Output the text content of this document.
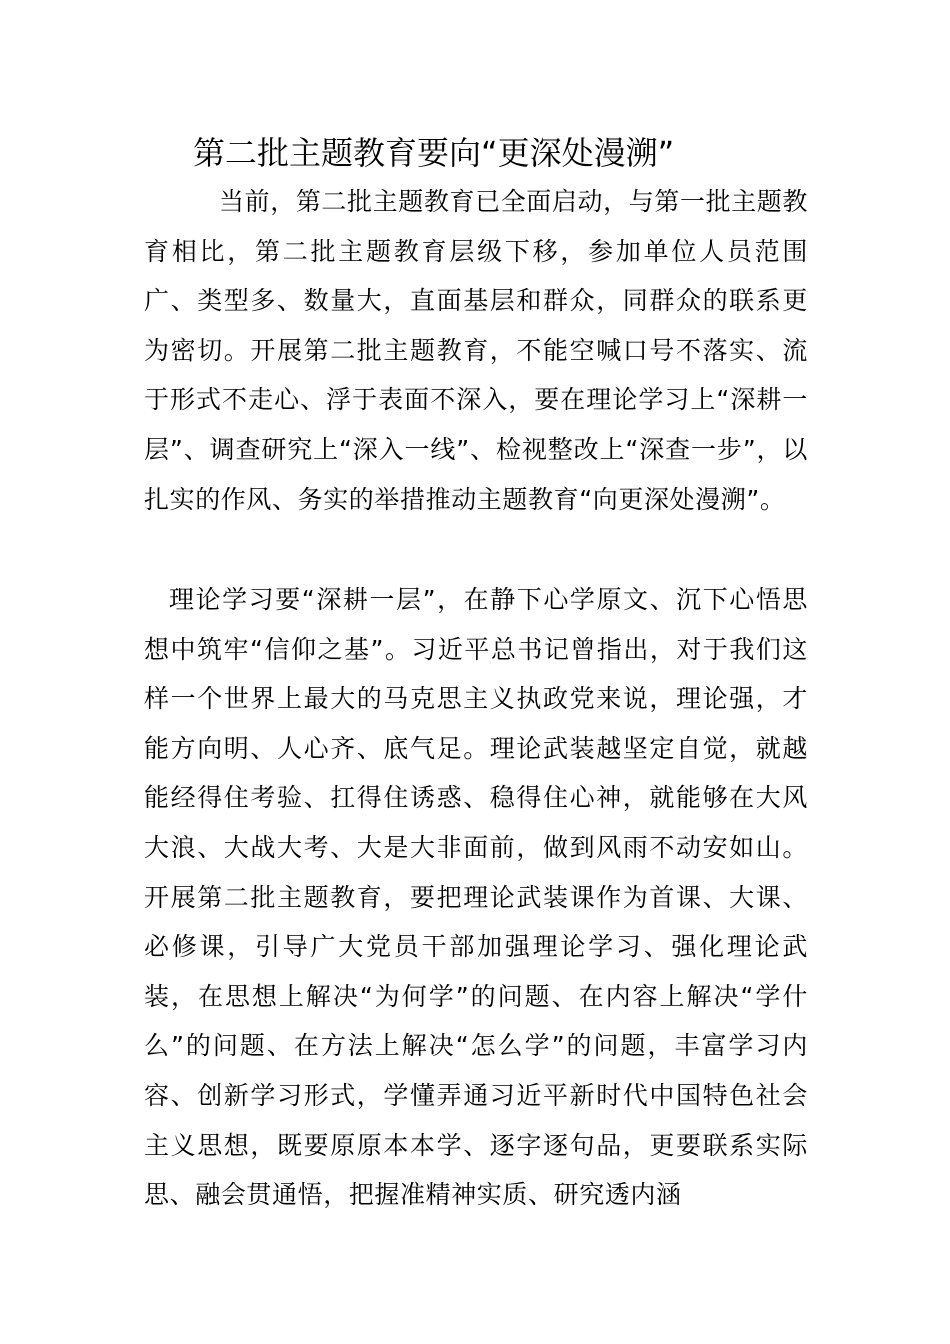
第二批主题教育要向“更深处漫溯”

当前，第二批主题教育已全面启动，与第一批主题教育相比，第二批主题教育层级下移，参加单位人员范围广、类型多、数量大，直面基层和群众，同群众的联系更为密切。开展第二批主题教育，不能空喊口号不落实、流于形式不走心、浮于表面不深入，要在理论学习上“深耕一层”、调查研究上“深入一线”、检视整改上“深查一步”，以扎实的作风、务实的举措推动主题教育“向更深处漫溯”。

理论学习要“深耕一层”，在静下心学原文、沉下心悟思想中筑牢“信仰之基”。习近平总书记曾指出，对于我们这样一个世界上最大的马克思主义执政党来说，理论强，才能方向明、人心齐、底气足。理论武装越坚定自觉，就越能经得住考验、扛得住诱惑、稳得住心神，就能够在大风大浪、大战大考、大是大非面前，做到风雨不动安如山。开展第二批主题教育，要把理论武装课作为首课、大课、必修课，引导广大党员干部加强理论学习、强化理论武装，在思想上解决“为何学”的问题、在内容上解决“学什么”的问题、在方法上解决“怎么学”的问题，丰富学习内容、创新学习形式，学懂弄通习近平新时代中国特色社会主义思想，既要原原本本学、逐字逐句品，更要联系实际思、融会贯通悟，把握准精神实质、研究透内涵
